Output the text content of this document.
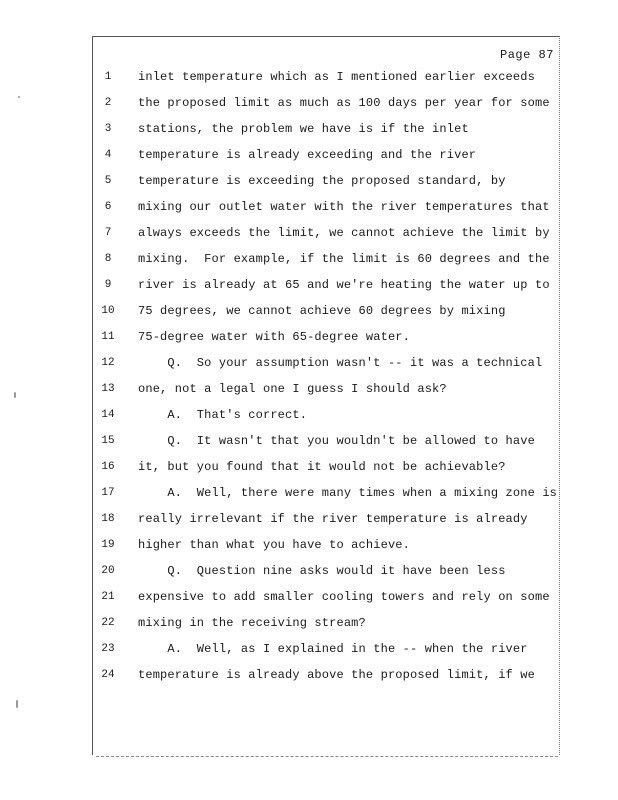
Page 87
1	inlet temperature which as I mentioned earlier exceeds
2	the proposed limit as much as 100 days per year for some
3	stations, the problem we have is if the inlet
4	temperature is already exceeding and the river
5	temperature is exceeding the proposed standard, by
6	mixing our outlet water with the river temperatures that
7	always exceeds the limit, we cannot achieve the limit by
8	mixing.  For example, if the limit is 60 degrees and the
9	river is already at 65 and we're heating the water up to
10	75 degrees, we cannot achieve 60 degrees by mixing
11	75-degree water with 65-degree water.
12	Q.  So your assumption wasn't -- it was a technical
13	one, not a legal one I guess I should ask?
14	A.  That's correct.
15	Q.  It wasn't that you wouldn't be allowed to have
16	it, but you found that it would not be achievable?
17	A.  Well, there were many times when a mixing zone is
18	really irrelevant if the river temperature is already
19	higher than what you have to achieve.
20	Q.  Question nine asks would it have been less
21	expensive to add smaller cooling towers and rely on some
22	mixing in the receiving stream?
23	A.  Well, as I explained in the -- when the river
24	temperature is already above the proposed limit, if we
